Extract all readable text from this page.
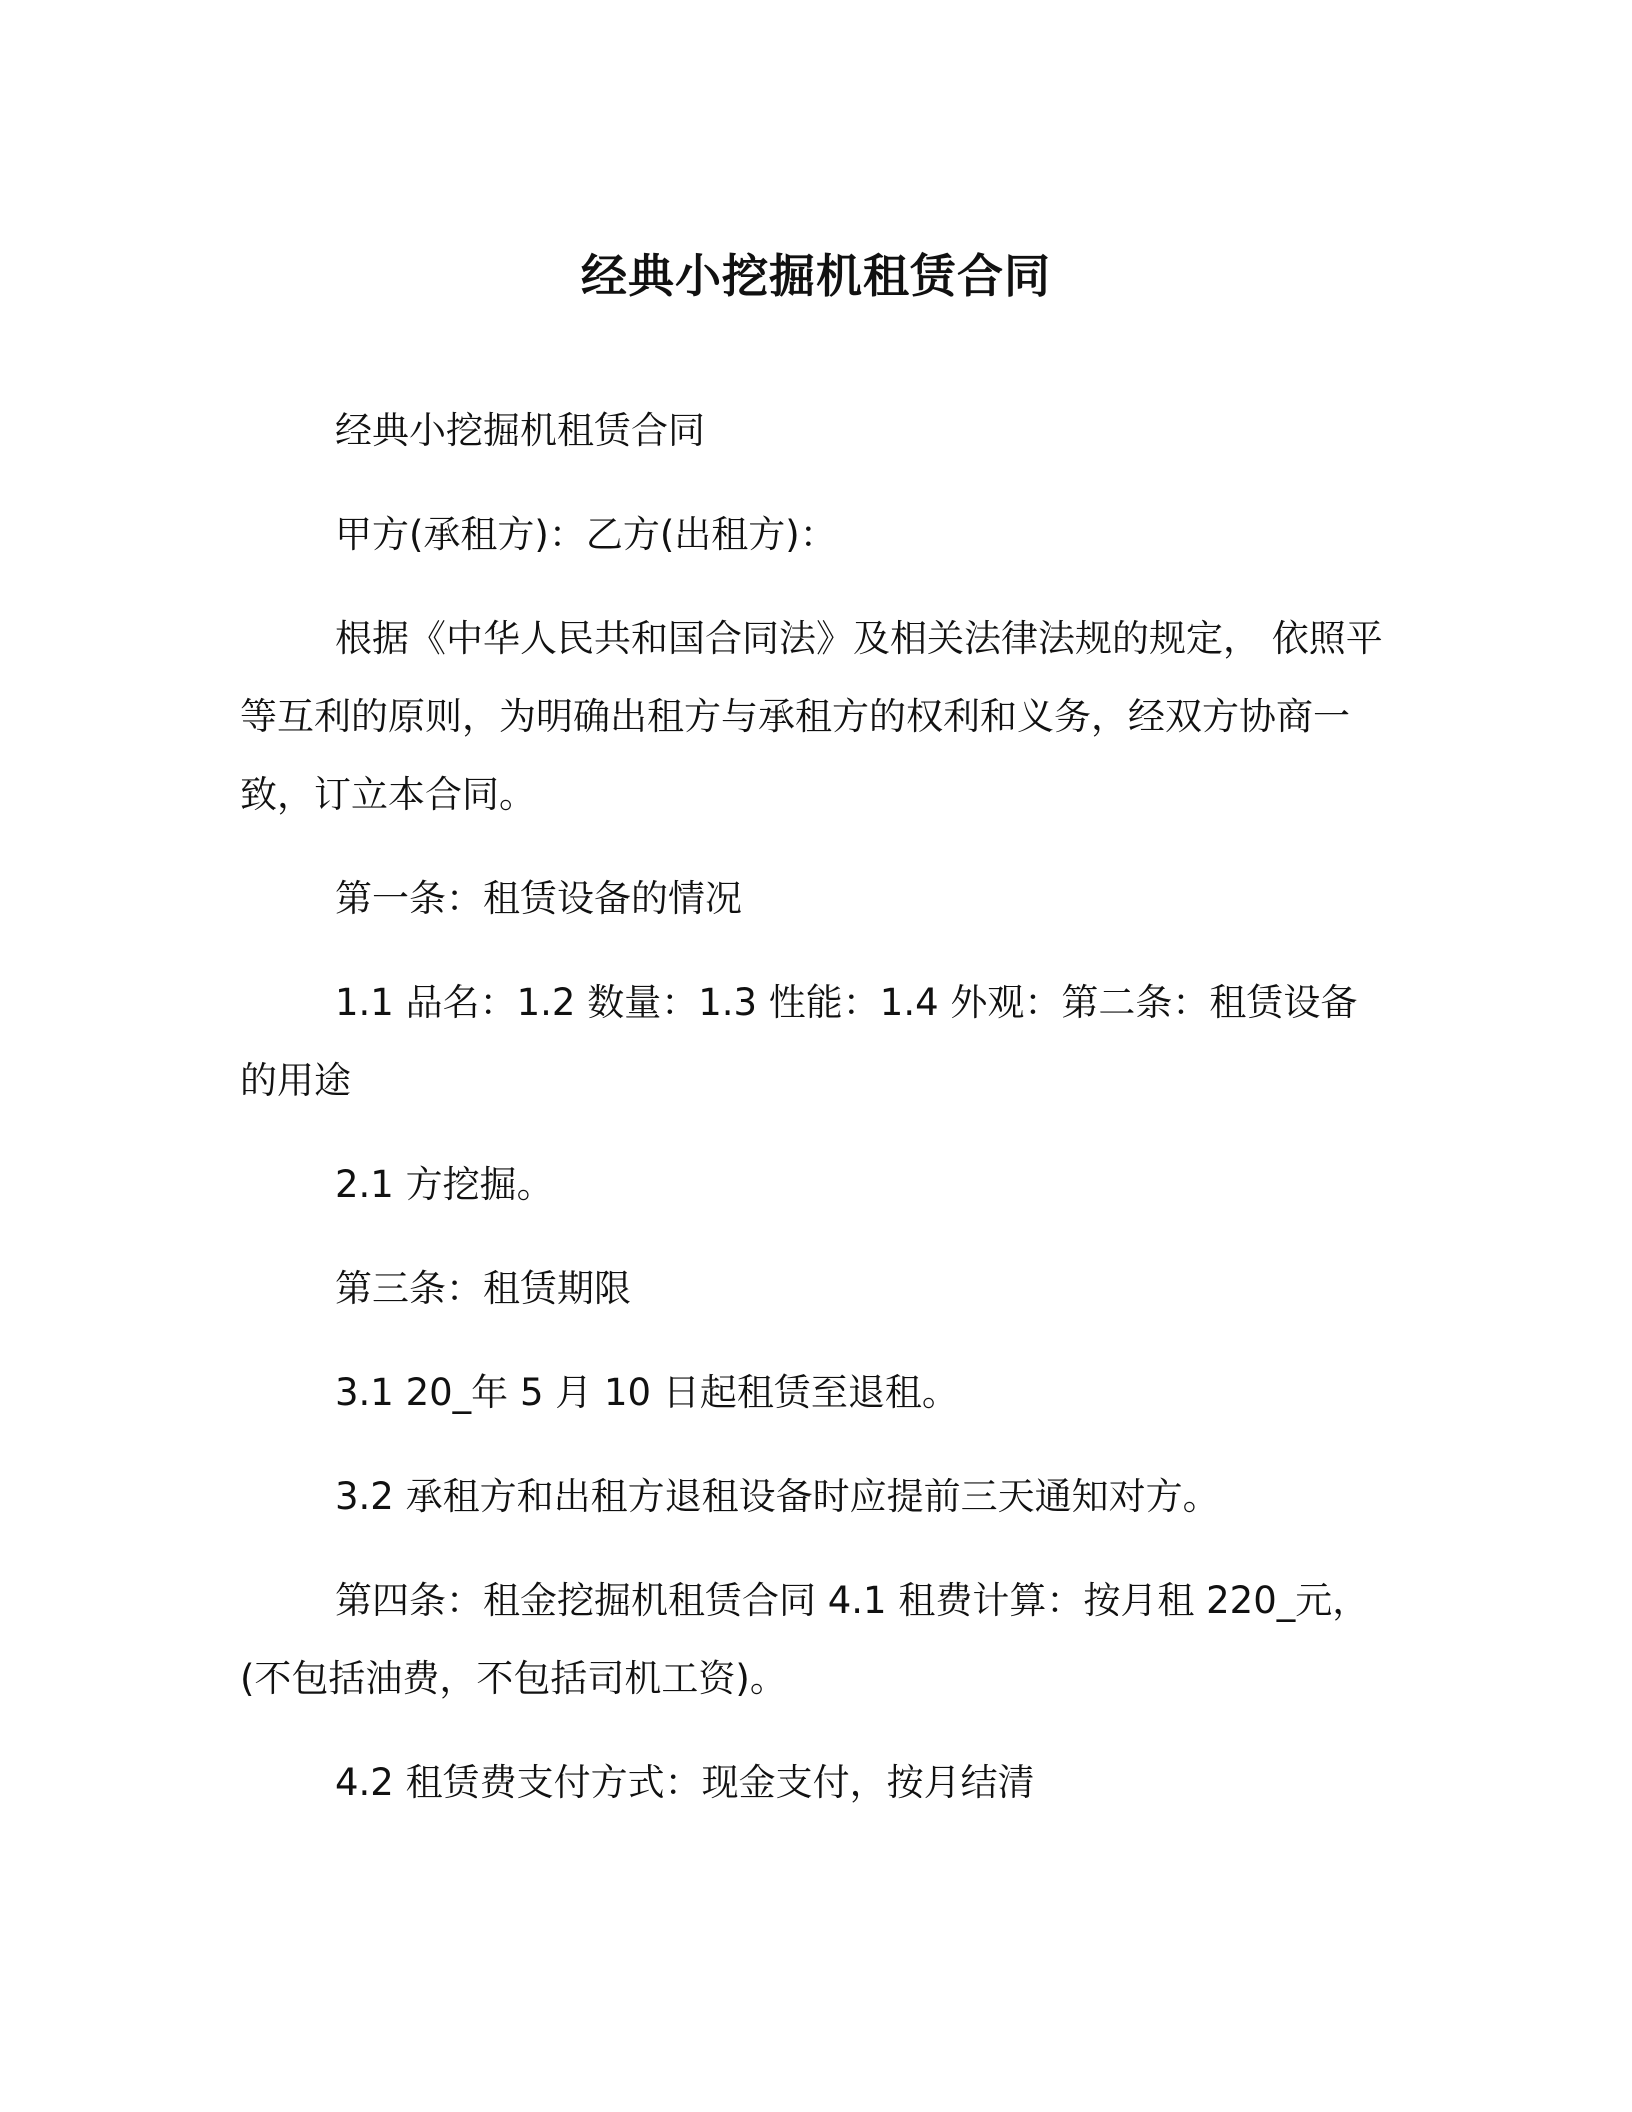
经典小挖掘机租赁合同

经典小挖掘机租赁合同

甲方(承租方)：乙方(出租方)：

根据《中华人民共和国合同法》及相关法律法规的规定， 依照平等互利的原则，为明确出租方与承租方的权利和义务，经双方协商一致，订立本合同。

第一条：租赁设备的情况

1.1 品名：1.2 数量：1.3 性能：1.4 外观：第二条：租赁设备的用途

2.1 方挖掘。

第三条：租赁期限

3.1 20_年 5 月 10 日起租赁至退租。

3.2 承租方和出租方退租设备时应提前三天通知对方。

第四条：租金挖掘机租赁合同 4.1 租费计算：按月租 220_元，(不包括油费，不包括司机工资)。

4.2 租赁费支付方式：现金支付，按月结清
